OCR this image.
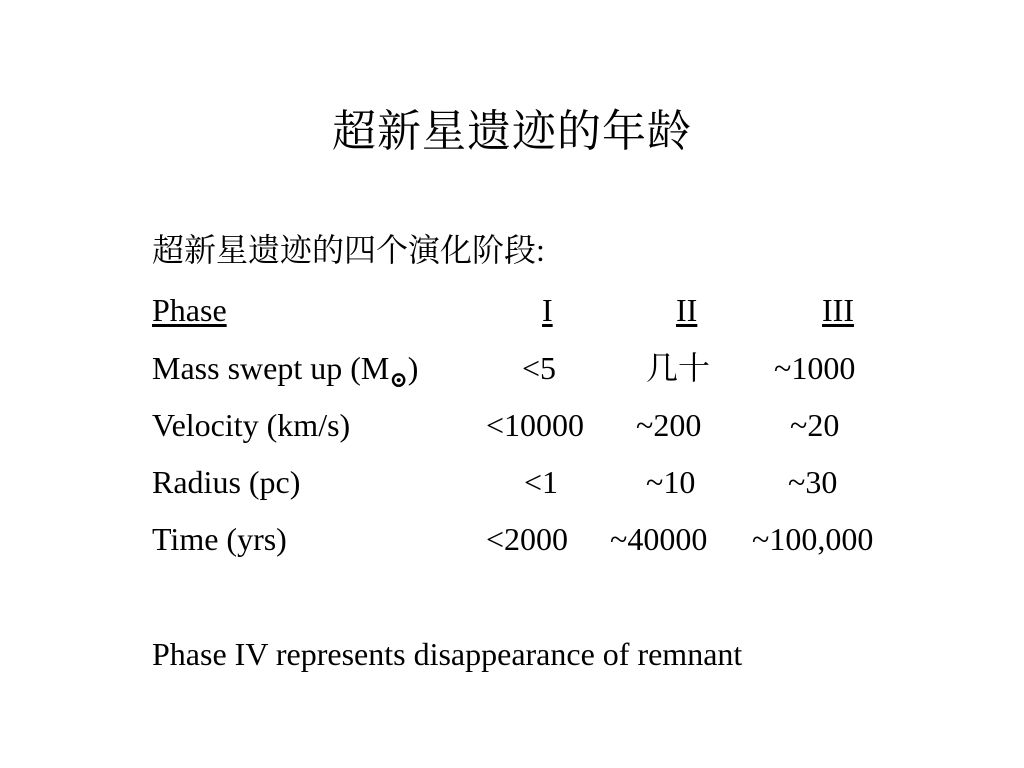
超新星遗迹的年龄
超新星遗迹的四个演化阶段:
Phase	I	II	III
Mass swept up (M⊙)	<5	几十 ~1000
Velocity (km/s)	<10000 ~200	~20
Radius (pc)	<1	~10	~30
Time (yrs)	<2000 ~40000 ~100,000
Phase IV represents disappearance of remnant
